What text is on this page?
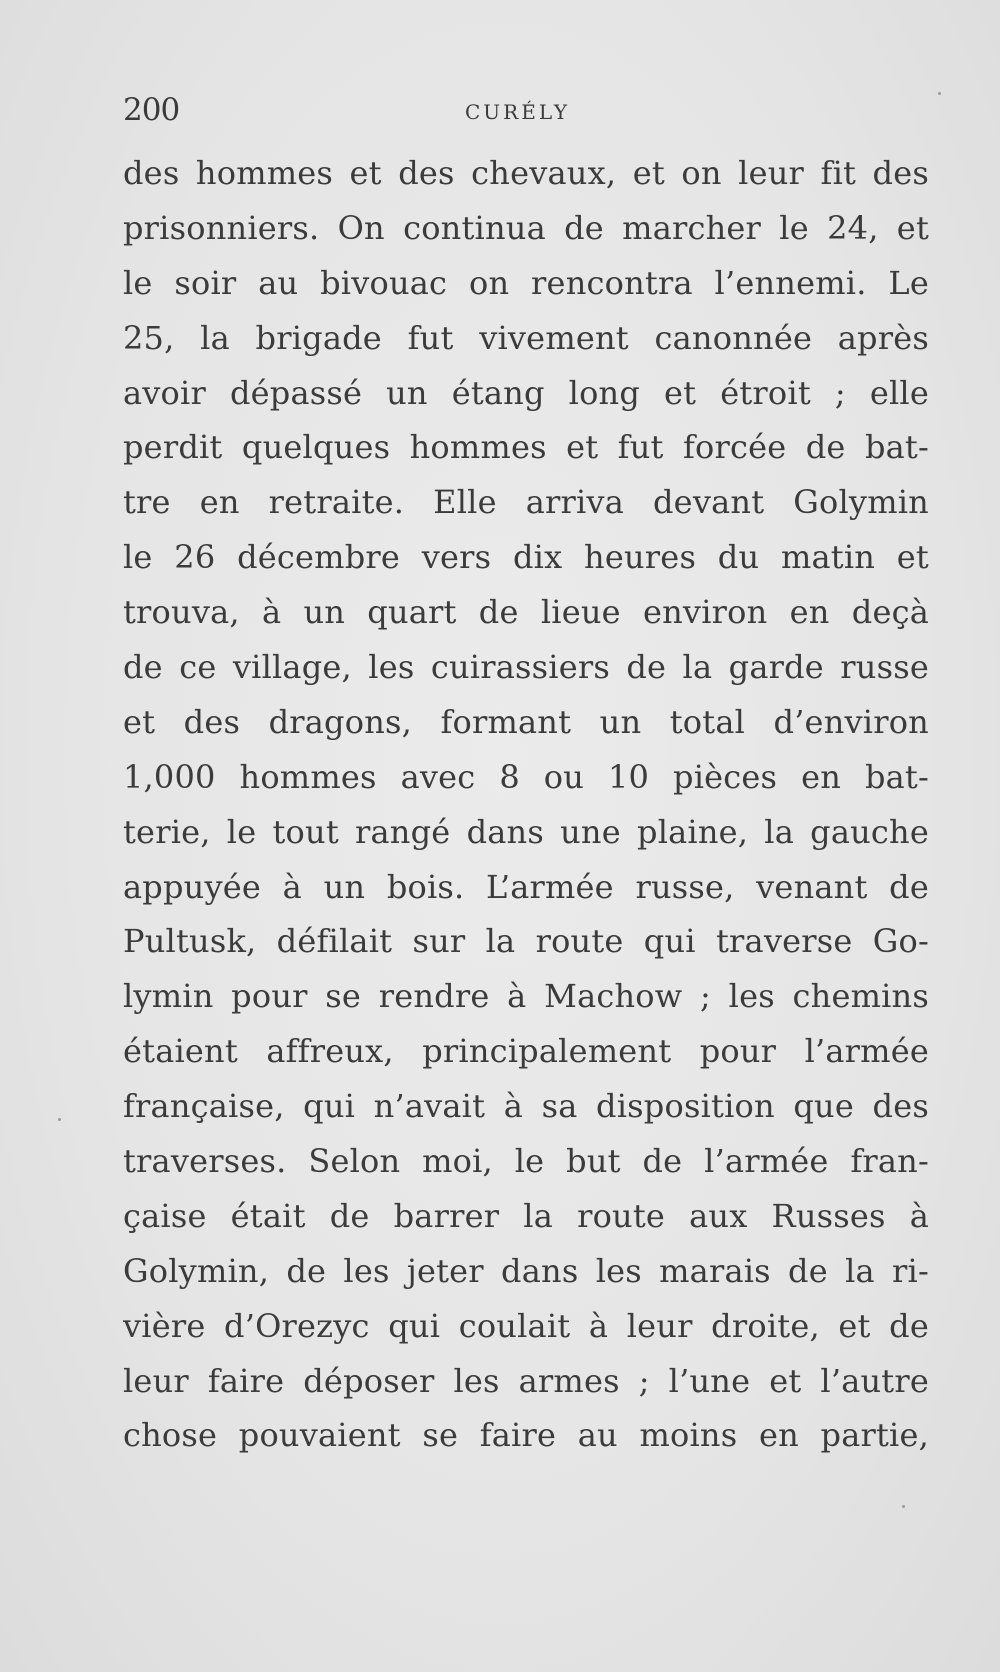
200	CURÉLY
des hommes et des chevaux, et on leur fit des
prisonniers. On continua de marcher le 24, et
le soir au bivouac on rencontra l’ennemi. Le
25, la brigade fut vivement canonnée après
avoir dépassé un étang long et étroit ; elle
perdit quelques hommes et fut forcée de bat-
tre en retraite. Elle arriva devant Golymin
le 26 décembre vers dix heures du matin et
trouva, à un quart de lieue environ en deçà
de ce village, les cuirassiers de la garde russe
et des dragons, formant un total d’environ
1,000 hommes avec 8 ou 10 pièces en bat-
terie, le tout rangé dans une plaine, la gauche
appuyée à un bois. L’armée russe, venant de
Pultusk, défilait sur la route qui traverse Go-
lymin pour se rendre à Machow ; les chemins
étaient affreux, principalement pour l’armée
française, qui n’avait à sa disposition que des
traverses. Selon moi, le but de l’armée fran-
çaise était de barrer la route aux Russes à
Golymin, de les jeter dans les marais de la ri-
vière d’Orezyc qui coulait à leur droite, et de
leur faire déposer les armes ; l’une et l’autre
chose pouvaient se faire au moins en partie,
